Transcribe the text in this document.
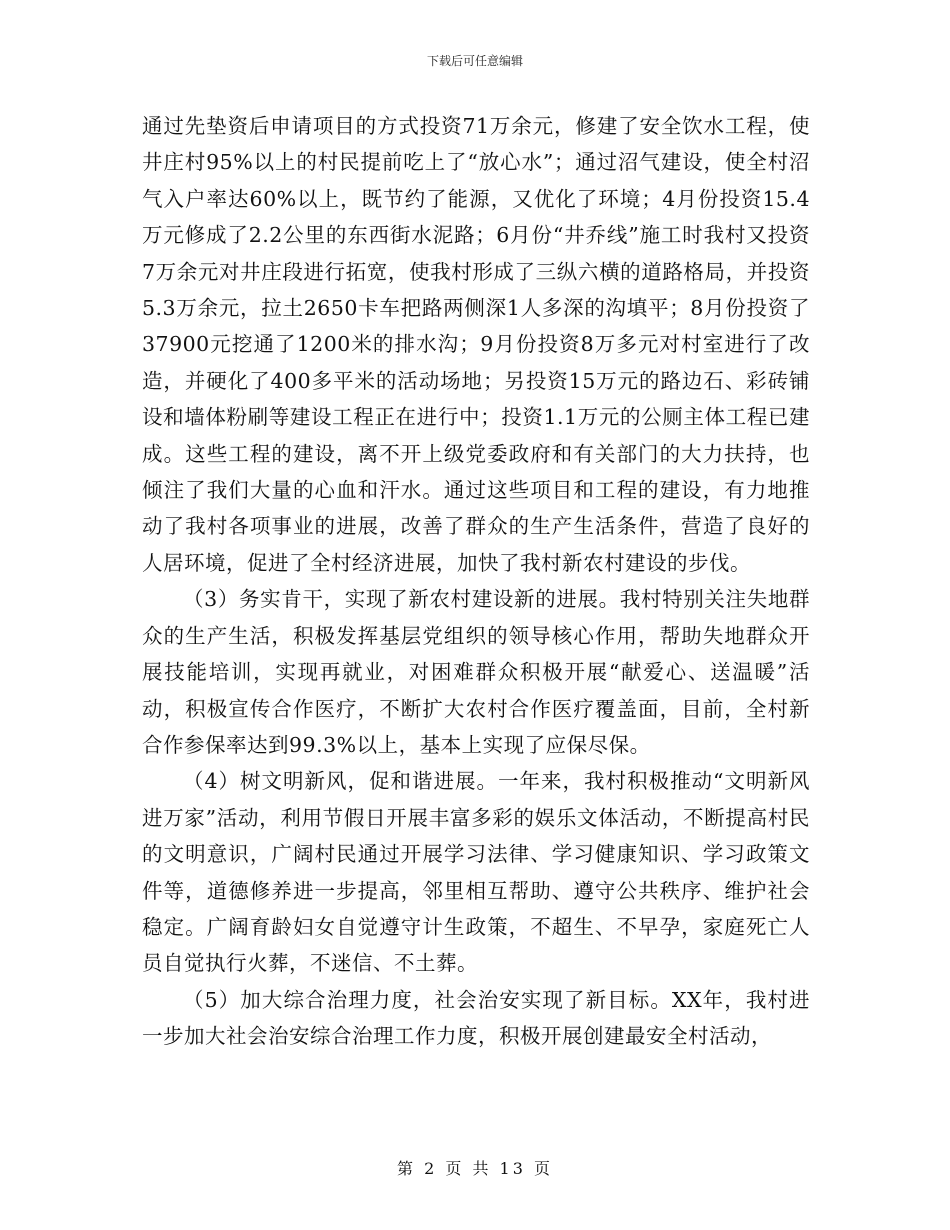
下载后可任意编辑

通过先垫资后申请项目的方式投资71万余元，修建了安全饮水工程，使井庄村95%以上的村民提前吃上了“放心水”；通过沼气建设，使全村沼气入户率达60%以上，既节约了能源，又优化了环境；4月份投资15.4万元修成了2.2公里的东西街水泥路；6月份“井乔线”施工时我村又投资7万余元对井庄段进行拓宽，使我村形成了三纵六横的道路格局，并投资5.3万余元，拉土2650卡车把路两侧深1人多深的沟填平；8月份投资了37900元挖通了1200米的排水沟；9月份投资8万多元对村室进行了改造，并硬化了400多平米的活动场地；另投资15万元的路边石、彩砖铺设和墙体粉刷等建设工程正在进行中；投资1.1万元的公厕主体工程已建成。这些工程的建设，离不开上级党委政府和有关部门的大力扶持，也倾注了我们大量的心血和汗水。通过这些项目和工程的建设，有力地推动了我村各项事业的进展，改善了群众的生产生活条件，营造了良好的人居环境，促进了全村经济进展，加快了我村新农村建设的步伐。

（3）务实肯干，实现了新农村建设新的进展。我村特别关注失地群众的生产生活，积极发挥基层党组织的领导核心作用，帮助失地群众开展技能培训，实现再就业，对困难群众积极开展“献爱心、送温暖”活动，积极宣传合作医疗，不断扩大农村合作医疗覆盖面，目前，全村新合作参保率达到99.3%以上，基本上实现了应保尽保。

（4）树文明新风，促和谐进展。一年来，我村积极推动“文明新风进万家”活动，利用节假日开展丰富多彩的娱乐文体活动，不断提高村民的文明意识，广阔村民通过开展学习法律、学习健康知识、学习政策文件等，道德修养进一步提高，邻里相互帮助、遵守公共秩序、维护社会稳定。广阔育龄妇女自觉遵守计生政策，不超生、不早孕，家庭死亡人员自觉执行火葬，不迷信、不土葬。

（5）加大综合治理力度，社会治安实现了新目标。XX年，我村进一步加大社会治安综合治理工作力度，积极开展创建最安全村活动，

第 2 页 共 13 页
